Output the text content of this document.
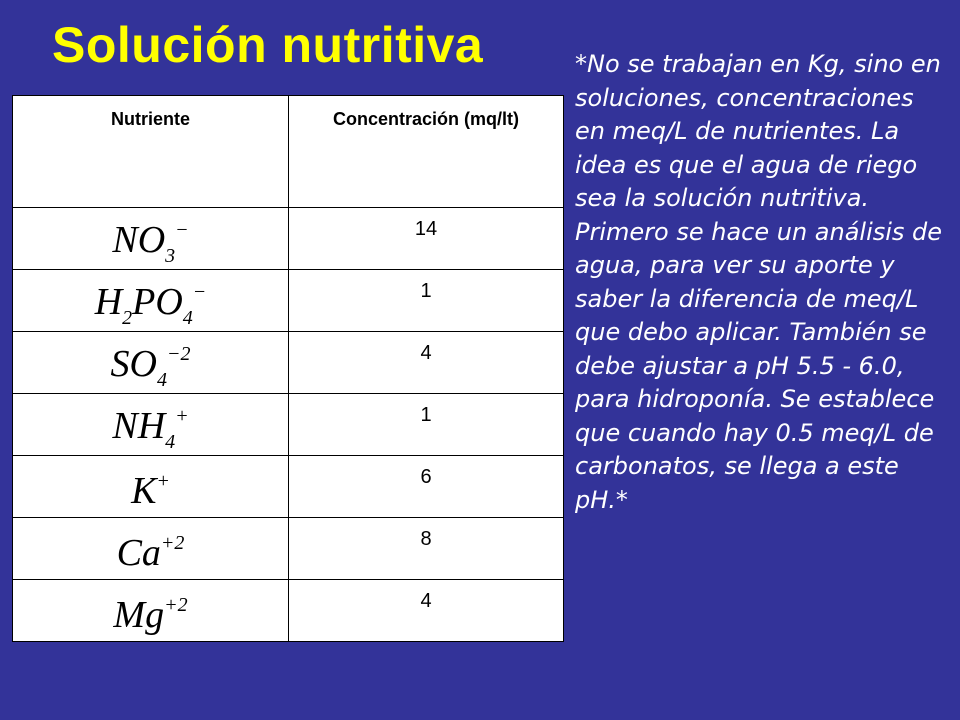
Solución nutritiva
Nutriente	Concentración (mq/lt)
$NO_3^-$	14
$H_2PO_4^-$	1
$SO_4^{-2}$	4
$NH_4^+$	1
K+	6
$Ca^{+2}$	8
$Mg^{+2}$	4

*No se trabajan en Kg, sino en soluciones, concentraciones en meq/L de nutrientes. La idea es que el agua de riego sea la solución nutritiva. Primero se hace un análisis de agua, para ver su aporte y saber la diferencia de meq/L que debo aplicar. También se debe ajustar a pH 5.5 - 6.0, para hidroponía. Se establece que cuando hay 0.5 meq/L de carbonatos, se llega a este pH.*
